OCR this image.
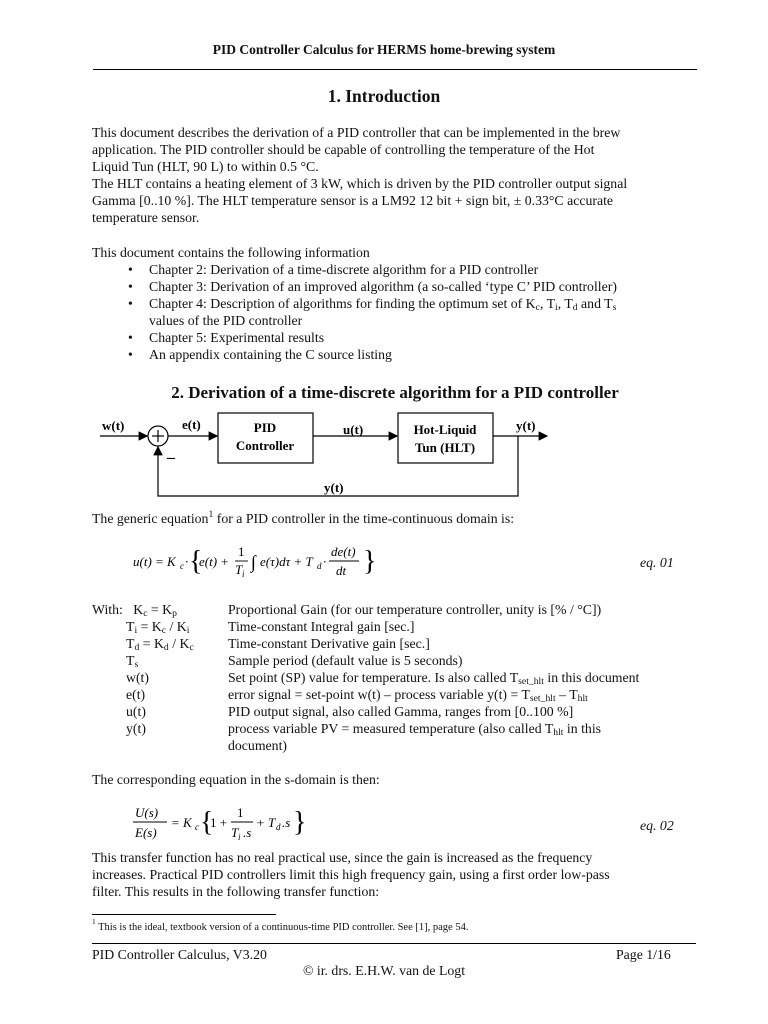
PID Controller Calculus for HERMS home-brewing system
1. Introduction
This document describes the derivation of a PID controller that can be implemented in the brew
application. The PID controller should be capable of controlling the temperature of the Hot
Liquid Tun (HLT, 90 L) to within 0.5 °C.
The HLT contains a heating element of 3 kW, which is driven by the PID controller output signal
Gamma [0..10 %]. The HLT temperature sensor is a LM92 12 bit + sign bit, ± 0.33°C accurate
temperature sensor.
This document contains the following information
• Chapter 2: Derivation of a time-discrete algorithm for a PID controller
• Chapter 3: Derivation of an improved algorithm (a so-called ‘type C’ PID controller)
• Chapter 4: Description of algorithms for finding the optimum set of $K_c$, $T_i$, $T_d$ and $T_s$
values of the PID controller
• Chapter 5: Experimental results
• An appendix containing the C source listing
2. Derivation of a time-discrete algorithm for a PID controller
w(t)	e(t)	PID
Controller
u(t)	Hot-Liquid
Tun (HLT)
y(t)
y(t)
–
The generic equation$^1$ for a PID controller in the time-continuous domain is:
u(t) = K c · {
e(t) +
1
T i
∫ e(τ)dτ + T d ·
de(t)
dt }	eq. 01
With:   $K_c = K_p$	Proportional Gain (for our temperature controller, unity is [% / °C])
$T_i = K_c / K_i$	Time-constant Integral gain [sec.]
$T_d = K_d / K_c$	Time-constant Derivative gain [sec.]
$T_s$	Sample period (default value is 5 seconds)
w(t)	Set point (SP) value for temperature. Is also called $T_{set\_hlt}$ in this document
e(t)	error signal = set-point w(t) – process variable $y(t) = T_{set\_hlt} - T_{hlt}$
u(t)	PID output signal, also called Gamma, ranges from [0..100 %]
y(t)	process variable PV = measured temperature (also called $T_{hlt}$ in this document)
The corresponding equation in the s-domain is then:
U(s)
E(s)
= K c {
1 +
1
T i .s
+ T d .s }	eq. 02
This transfer function has no real practical use, since the gain is increased as the frequency
increases. Practical PID controllers limit this high frequency gain, using a first order low-pass
filter. This results in the following transfer function:
$^1$ This is the ideal, textbook version of a continuous-time PID controller. See [1], page 54.
PID Controller Calculus, V3.20	Page 1/16
© ir. drs. E.H.W. van de Logt
